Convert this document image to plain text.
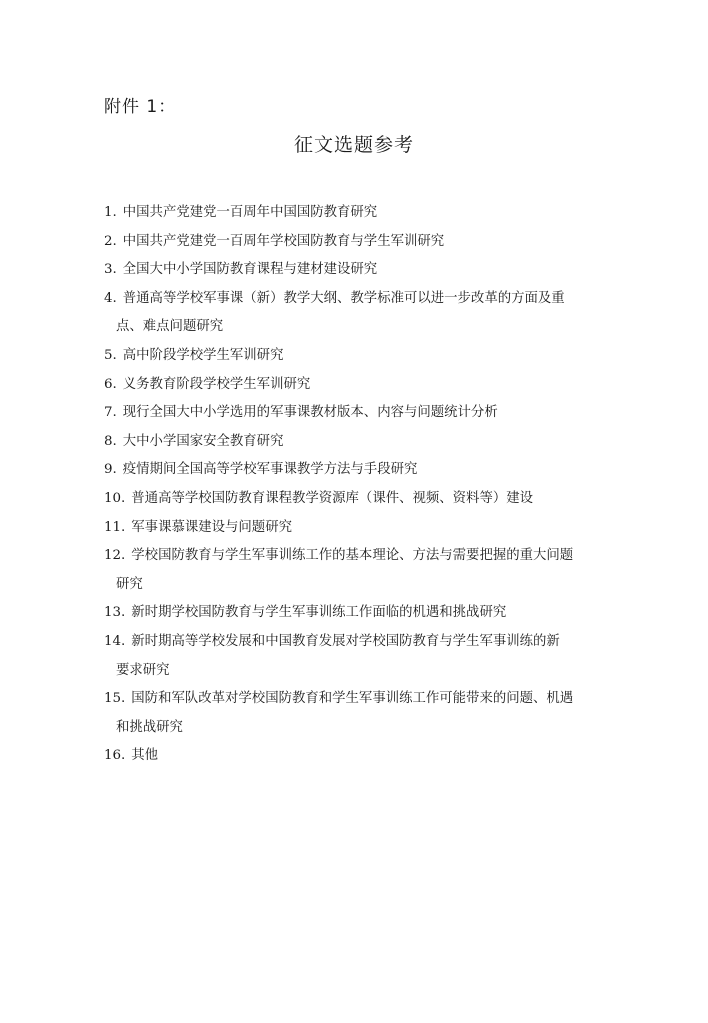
附件 1：
征文选题参考
1. 中国共产党建党一百周年中国国防教育研究
2. 中国共产党建党一百周年学校国防教育与学生军训研究
3. 全国大中小学国防教育课程与建材建设研究
4. 普通高等学校军事课（新）教学大纲、教学标准可以进一步改革的方面及重
点、难点问题研究
5. 高中阶段学校学生军训研究
6. 义务教育阶段学校学生军训研究
7. 现行全国大中小学选用的军事课教材版本、内容与问题统计分析
8. 大中小学国家安全教育研究
9. 疫情期间全国高等学校军事课教学方法与手段研究
10. 普通高等学校国防教育课程教学资源库（课件、视频、资料等）建设
11. 军事课慕课建设与问题研究
12. 学校国防教育与学生军事训练工作的基本理论、方法与需要把握的重大问题
研究
13. 新时期学校国防教育与学生军事训练工作面临的机遇和挑战研究
14. 新时期高等学校发展和中国教育发展对学校国防教育与学生军事训练的新
要求研究
15. 国防和军队改革对学校国防教育和学生军事训练工作可能带来的问题、机遇
和挑战研究
16. 其他
